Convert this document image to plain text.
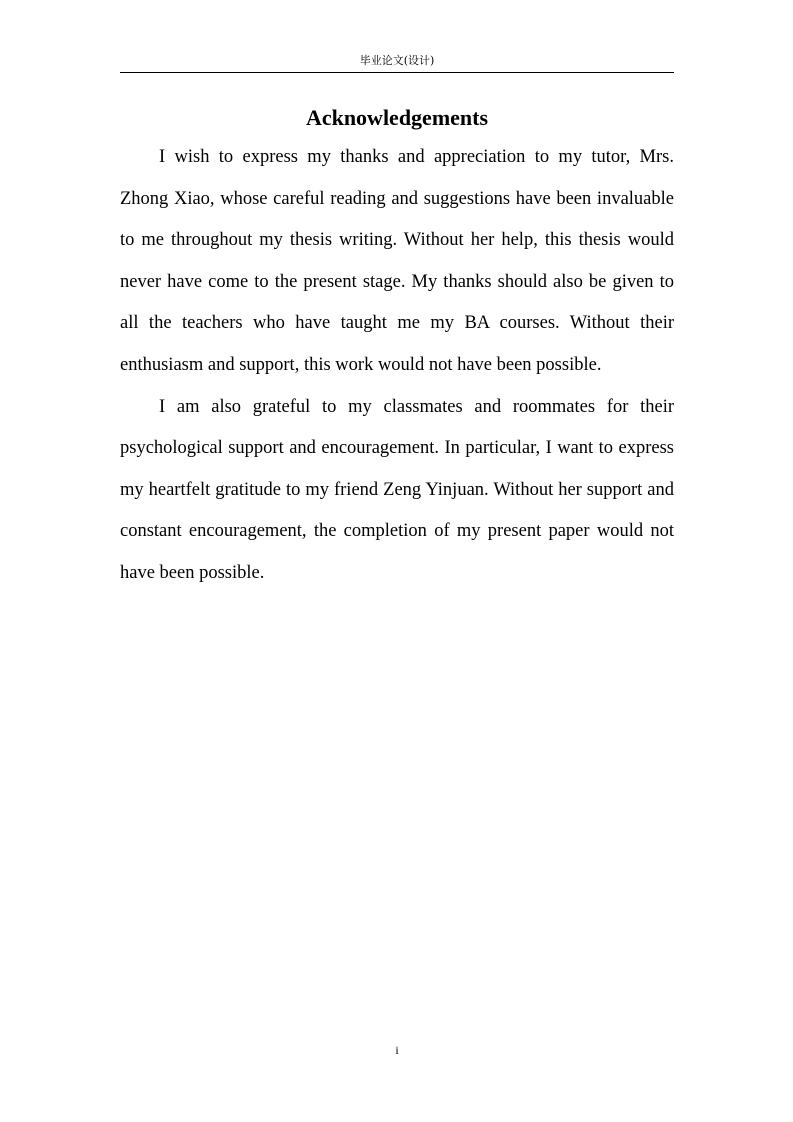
毕业论文(设计)
Acknowledgements

I wish to express my thanks and appreciation to my tutor, Mrs. Zhong Xiao, whose careful reading and suggestions have been invaluable to me throughout my thesis writing. Without her help, this thesis would never have come to the present stage. My thanks should also be given to all the teachers who have taught me my BA courses. Without their enthusiasm and support, this work would not have been possible.

I am also grateful to my classmates and roommates for their psychological support and encouragement. In particular, I want to express my heartfelt gratitude to my friend Zeng Yinjuan. Without her support and constant encouragement, the completion of my present paper would not have been possible.

i
